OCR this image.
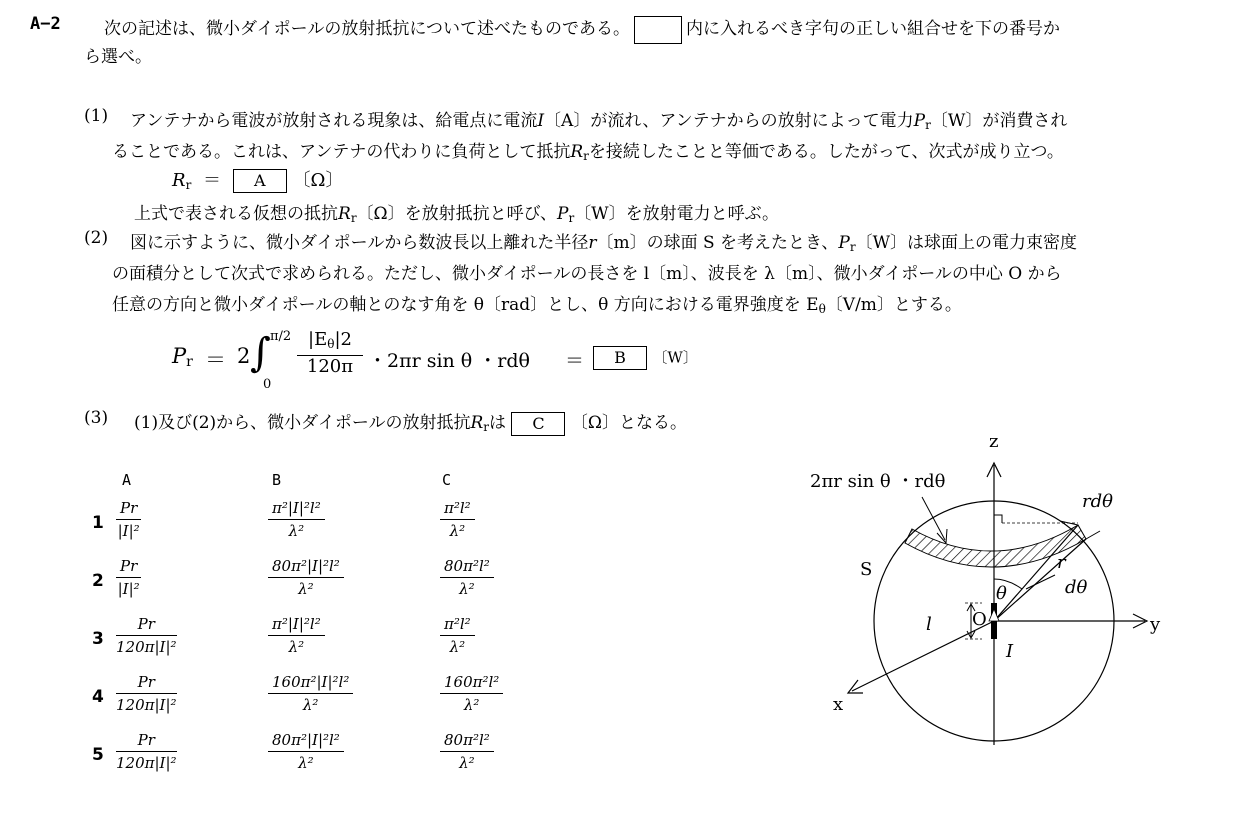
A−2	次の記述は、微小ダイポールの放射抵抗について述べたものである。	内に入れるべき字句の正しい組合せを下の番号か
ら選べ。
(1) アンテナから電波が放射される現象は、給電点に電流I〔A〕が流れ、アンテナからの放射によって電力$P_r$〔W〕が消費され
ることである。これは、アンテナの代わりに負荷として抵抗$R_r$を接続したことと等価である。したがって、次式が成り立つ。
$R_r = A$ 〔Ω〕
上式で表される仮想の抵抗$R_r$〔Ω〕を放射抵抗と呼び、$P_r$〔W〕を放射電力と呼ぶ。
(2) 図に示すように、微小ダイポールから数波長以上離れた半径r〔m〕の球面 S を考えたとき、$P_r$〔W〕は球面上の電力束密度
の面積分として次式で求められる。ただし、微小ダイポールの長さを l〔m〕、波長を λ〔m〕、微小ダイポールの中心 O から
任意の方向と微小ダイポールの軸とのなす角を θ〔rad〕とし、θ 方向における電界強度を $E_\theta$〔V/m〕とする。
$P_r = 2$ ∫ π/2
0
$\frac{|E_\theta|2}{120\pi}$ ・2πr sin θ ・rdθ ＝	B 〔W〕
(3) (1)及び(2)から、微小ダイポールの放射抵抗$R_r$は C 〔Ω〕となる。
A	B	C
$1 \frac{Pr}{\text{|I|²}}$	$\frac{\text{π²|I|²l²}}{\text{λ²}}$	$\frac{\text{π²l²}}{\text{λ²}}$
$2 \frac{Pr}{\text{|I|²}}$	$\frac{\text{80π²|I|²l²}}{\text{λ²}}$	$\frac{\text{80π²l²}}{\text{λ²}}$
$3 \frac{Pr}{\text{120π|I|²}}$	$\frac{\text{π²|I|²l²}}{\text{λ²}}$	$\frac{\text{π²l²}}{\text{λ²}}$
$4 \frac{Pr}{\text{120π|I|²}}$	$\frac{\text{160π²|I|²l²}}{\text{λ²}}$	$\frac{\text{160π²l²}}{\text{λ²}}$
$5 \frac{Pr}{\text{120π|I|²}}$	$\frac{\text{80π²|I|²l²}}{\text{λ²}}$	$\frac{\text{80π²l²}}{\text{λ²}}$
z
y
x
S
O
l
I
r
θ	dθ
rdθ
2πr sin θ ・rdθ
